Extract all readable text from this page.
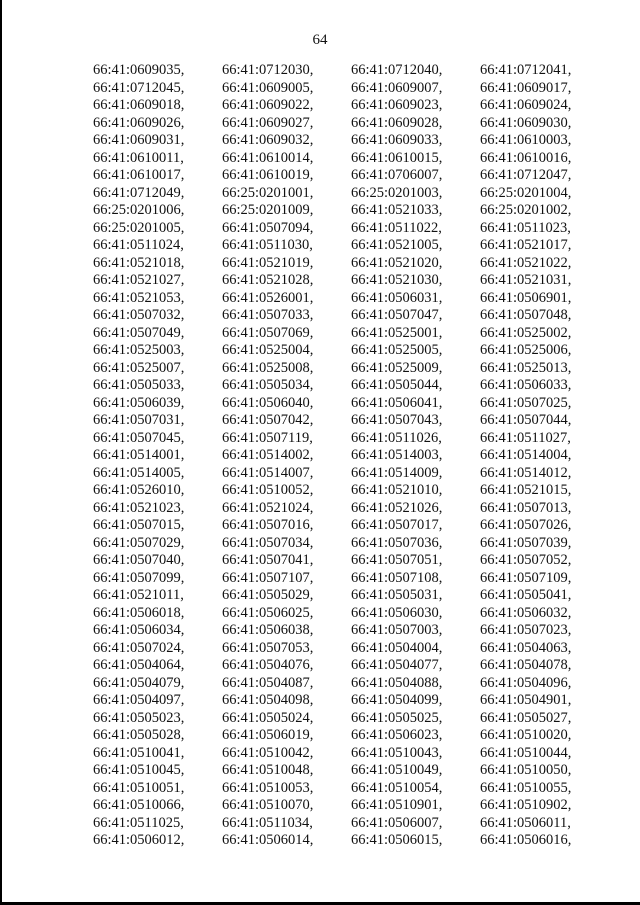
64
66:41:0609035,	66:41:0712030,	66:41:0712040,	66:41:0712041,
66:41:0712045,	66:41:0609005,	66:41:0609007,	66:41:0609017,
66:41:0609018,	66:41:0609022,	66:41:0609023,	66:41:0609024,
66:41:0609026,	66:41:0609027,	66:41:0609028,	66:41:0609030,
66:41:0609031,	66:41:0609032,	66:41:0609033,	66:41:0610003,
66:41:0610011,	66:41:0610014,	66:41:0610015,	66:41:0610016,
66:41:0610017,	66:41:0610019,	66:41:0706007,	66:41:0712047,
66:41:0712049,	66:25:0201001,	66:25:0201003,	66:25:0201004,
66:25:0201006,	66:25:0201009,	66:41:0521033,	66:25:0201002,
66:25:0201005,	66:41:0507094,	66:41:0511022,	66:41:0511023,
66:41:0511024,	66:41:0511030,	66:41:0521005,	66:41:0521017,
66:41:0521018,	66:41:0521019,	66:41:0521020,	66:41:0521022,
66:41:0521027,	66:41:0521028,	66:41:0521030,	66:41:0521031,
66:41:0521053,	66:41:0526001,	66:41:0506031,	66:41:0506901,
66:41:0507032,	66:41:0507033,	66:41:0507047,	66:41:0507048,
66:41:0507049,	66:41:0507069,	66:41:0525001,	66:41:0525002,
66:41:0525003,	66:41:0525004,	66:41:0525005,	66:41:0525006,
66:41:0525007,	66:41:0525008,	66:41:0525009,	66:41:0525013,
66:41:0505033,	66:41:0505034,	66:41:0505044,	66:41:0506033,
66:41:0506039,	66:41:0506040,	66:41:0506041,	66:41:0507025,
66:41:0507031,	66:41:0507042,	66:41:0507043,	66:41:0507044,
66:41:0507045,	66:41:0507119,	66:41:0511026,	66:41:0511027,
66:41:0514001,	66:41:0514002,	66:41:0514003,	66:41:0514004,
66:41:0514005,	66:41:0514007,	66:41:0514009,	66:41:0514012,
66:41:0526010,	66:41:0510052,	66:41:0521010,	66:41:0521015,
66:41:0521023,	66:41:0521024,	66:41:0521026,	66:41:0507013,
66:41:0507015,	66:41:0507016,	66:41:0507017,	66:41:0507026,
66:41:0507029,	66:41:0507034,	66:41:0507036,	66:41:0507039,
66:41:0507040,	66:41:0507041,	66:41:0507051,	66:41:0507052,
66:41:0507099,	66:41:0507107,	66:41:0507108,	66:41:0507109,
66:41:0521011,	66:41:0505029,	66:41:0505031,	66:41:0505041,
66:41:0506018,	66:41:0506025,	66:41:0506030,	66:41:0506032,
66:41:0506034,	66:41:0506038,	66:41:0507003,	66:41:0507023,
66:41:0507024,	66:41:0507053,	66:41:0504004,	66:41:0504063,
66:41:0504064,	66:41:0504076,	66:41:0504077,	66:41:0504078,
66:41:0504079,	66:41:0504087,	66:41:0504088,	66:41:0504096,
66:41:0504097,	66:41:0504098,	66:41:0504099,	66:41:0504901,
66:41:0505023,	66:41:0505024,	66:41:0505025,	66:41:0505027,
66:41:0505028,	66:41:0506019,	66:41:0506023,	66:41:0510020,
66:41:0510041,	66:41:0510042,	66:41:0510043,	66:41:0510044,
66:41:0510045,	66:41:0510048,	66:41:0510049,	66:41:0510050,
66:41:0510051,	66:41:0510053,	66:41:0510054,	66:41:0510055,
66:41:0510066,	66:41:0510070,	66:41:0510901,	66:41:0510902,
66:41:0511025,	66:41:0511034,	66:41:0506007,	66:41:0506011,
66:41:0506012,	66:41:0506014,	66:41:0506015,	66:41:0506016,
